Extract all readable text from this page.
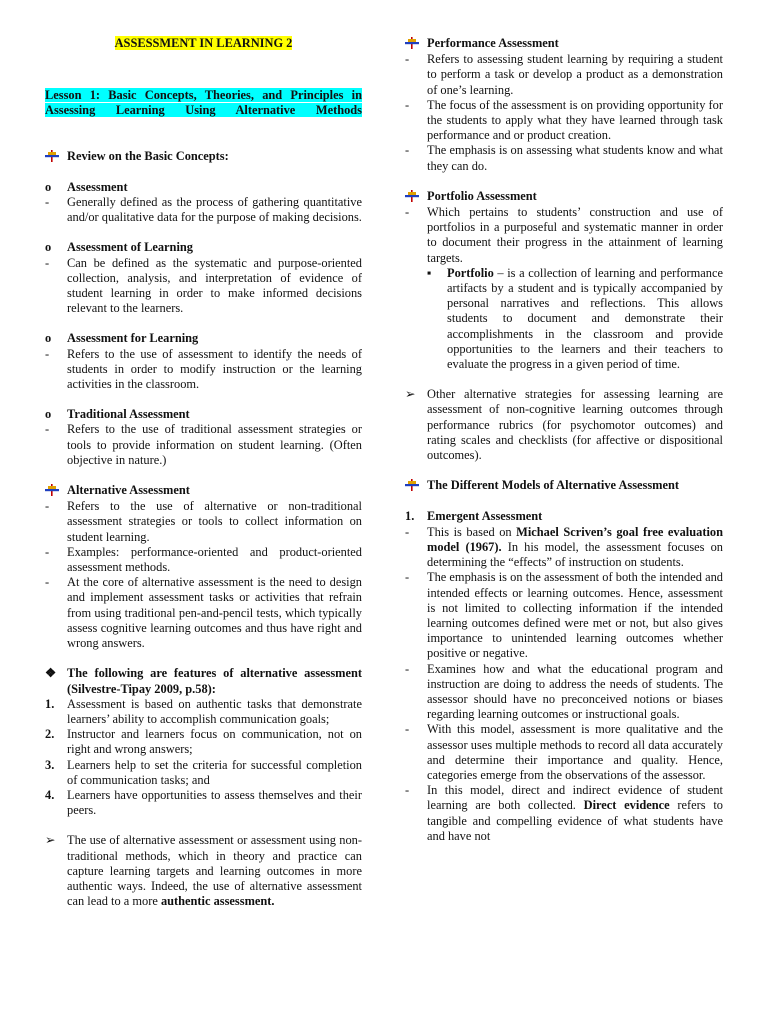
ASSESSMENT IN LEARNING 2

Lesson 1: Basic Concepts, Theories, and Principles in Assessing Learning Using Alternative Methods

Review on the Basic Concepts:
o	Assessment
-	Generally defined as the process of gathering quantitative and/or qualitative data for the purpose of making decisions.
o	Assessment of Learning
-	Can be defined as the systematic and purpose-oriented collection, analysis, and interpretation of evidence of student learning in order to make informed decisions relevant to the learners.
o	Assessment for Learning
-	Refers to the use of assessment to identify the needs of students in order to modify instruction or the learning activities in the classroom.
o	Traditional Assessment
-	Refers to the use of traditional assessment strategies or tools to provide information on student learning. (Often objective in nature.)
Alternative Assessment
-	Refers to the use of alternative or non-traditional assessment strategies or tools to collect information on student learning.
-	Examples: performance-oriented and product-oriented assessment methods.
-	At the core of alternative assessment is the need to design and implement assessment tasks or activities that refrain from using traditional pen-and-pencil tests, which typically assess cognitive learning outcomes and thus have right and wrong answers.
❖ The following are features of alternative assessment (Silvestre-Tipay 2009, p.58):
1.	Assessment is based on authentic tasks that demonstrate learners’ ability to accomplish communication goals;
2.	Instructor and learners focus on communication, not on right and wrong answers;
3.	Learners help to set the criteria for successful completion of communication tasks; and
4.	Learners have opportunities to assess themselves and their peers.
➢ The use of alternative assessment or assessment using non-traditional methods, which in theory and practice can capture learning targets and learning outcomes in more authentic ways. Indeed, the use of alternative assessment can lead to a more authentic assessment.
Performance Assessment
-	Refers to assessing student learning by requiring a student to perform a task or develop a product as a demonstration of one’s learning.
-	The focus of the assessment is on providing opportunity for the students to apply what they have learned through task performance and or product creation.
-	The emphasis is on assessing what students know and what they can do.
Portfolio Assessment
-	Which pertains to students’ construction and use of portfolios in a purposeful and systematic manner in order to document their progress in the attainment of learning targets.
▪	Portfolio – is a collection of learning and performance artifacts by a student and is typically accompanied by personal narratives and reflections. This allows students to document and demonstrate their accomplishments in the classroom and provide opportunities to the learners and their teachers to evaluate the progress in a given period of time.
➢ Other alternative strategies for assessing learning are assessment of non-cognitive learning outcomes through performance rubrics (for psychomotor outcomes) and rating scales and checklists (for affective or dispositional outcomes).
The Different Models of Alternative Assessment
1.	Emergent Assessment
-	This is based on Michael Scriven’s goal free evaluation model (1967). In his model, the assessment focuses on determining the “effects” of instruction on students.
-	The emphasis is on the assessment of both the intended and intended effects or learning outcomes. Hence, assessment is not limited to collecting information if the intended learning outcomes defined were met or not, but also gives importance to unintended learning outcomes whether positive or negative.
-	Examines how and what the educational program and instruction are doing to address the needs of students. The assessor should have no preconceived notions or biases regarding learning outcomes or instructional goals.
-	With this model, assessment is more qualitative and the assessor uses multiple methods to record all data accurately and determine their importance and quality. Hence, categories emerge from the observations of the assessor.
-	In this model, direct and indirect evidence of student learning are both collected. Direct evidence refers to tangible and compelling evidence of what students have and have not
